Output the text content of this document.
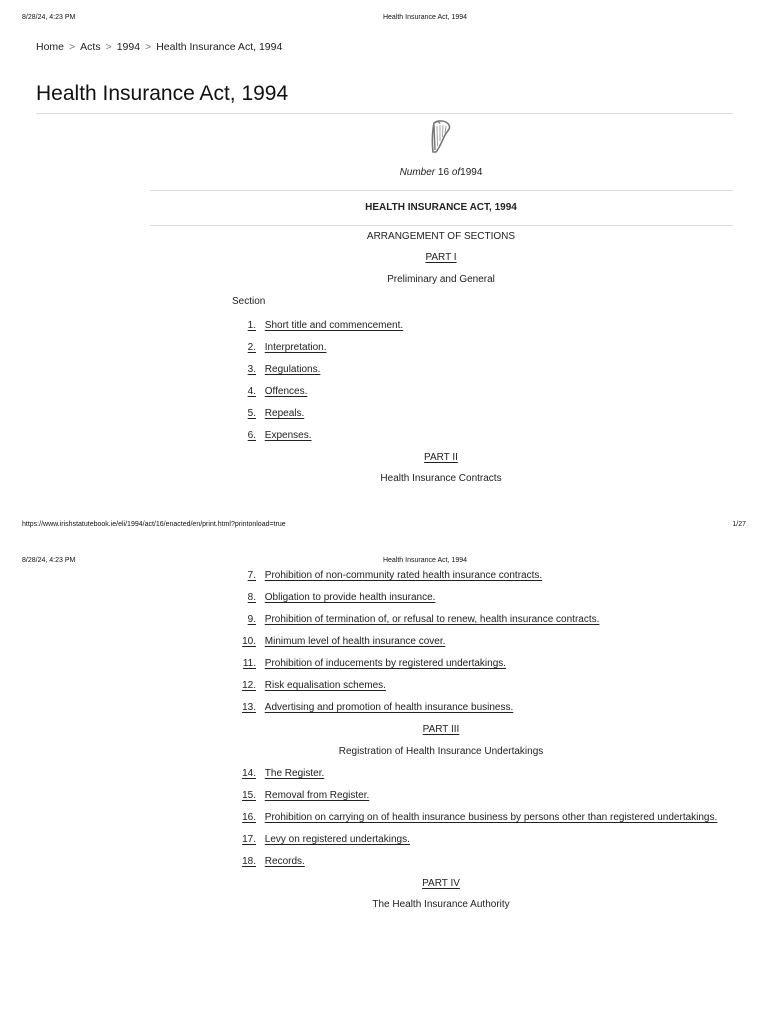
8/28/24, 4:23 PM	Health Insurance Act, 1994
Home > Acts > 1994 > Health Insurance Act, 1994
Health Insurance Act, 1994
Number 16 of1994
HEALTH INSURANCE ACT, 1994
ARRANGEMENT OF SECTIONS
PART I
Preliminary and General
Section
1. Short title and commencement.
2. Interpretation.
3. Regulations.
4. Offences.
5. Repeals.
6. Expenses.
PART II
Health Insurance Contracts
https://www.irishstatutebook.ie/eli/1994/act/16/enacted/en/print.html?printonload=true	1/27
8/28/24, 4:23 PM	Health Insurance Act, 1994
7. Prohibition of non-community rated health insurance contracts.
8. Obligation to provide health insurance.
9. Prohibition of termination of, or refusal to renew, health insurance contracts.
10. Minimum level of health insurance cover.
11. Prohibition of inducements by registered undertakings.
12. Risk equalisation schemes.
13. Advertising and promotion of health insurance business.
PART III
Registration of Health Insurance Undertakings
14. The Register.
15. Removal from Register.
16. Prohibition on carrying on of health insurance business by persons other than registered undertakings.
17. Levy on registered undertakings.
18. Records.
PART IV
The Health Insurance Authority
